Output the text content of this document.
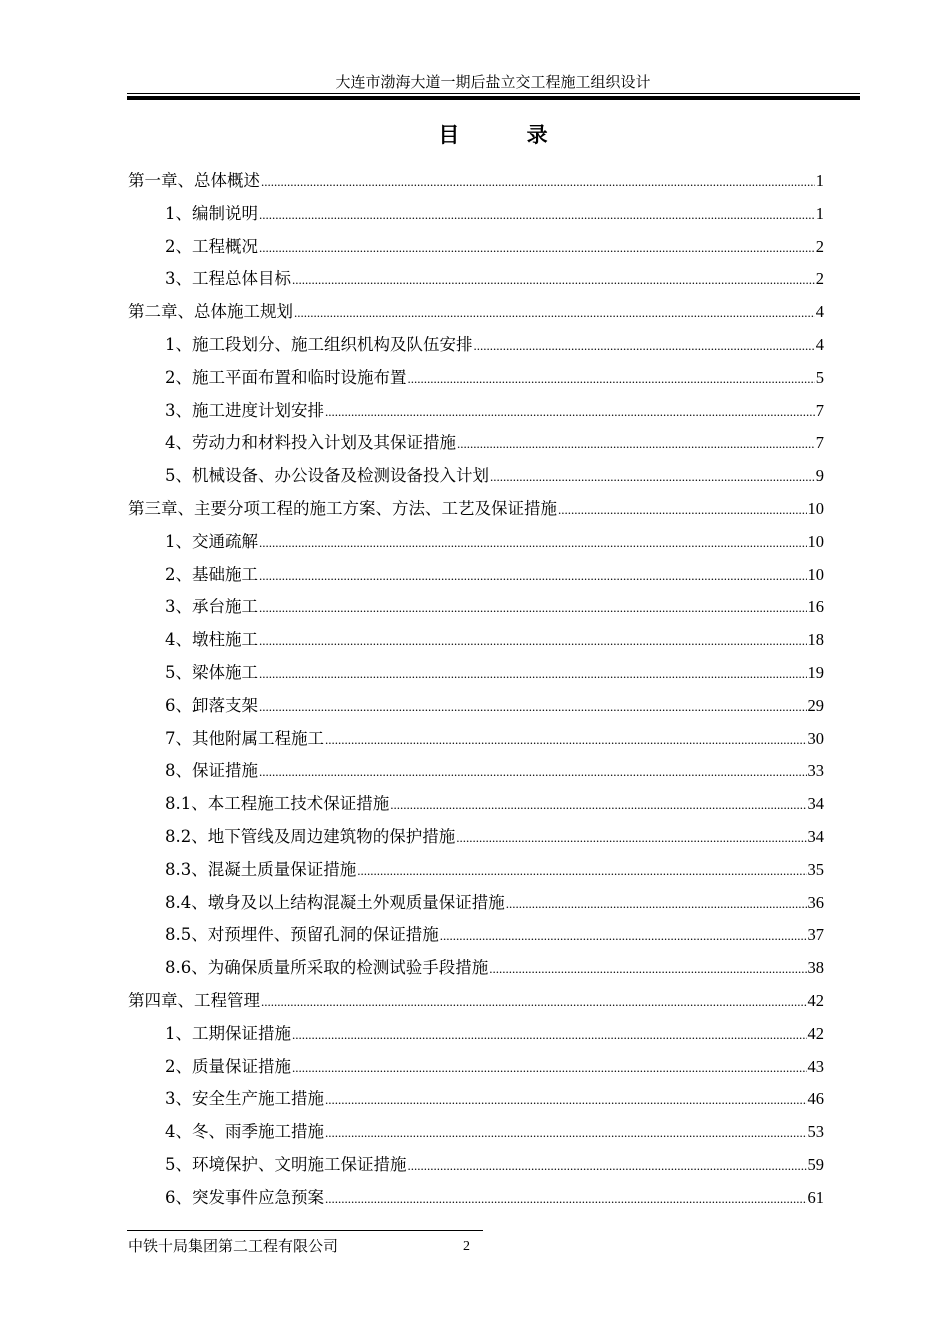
大连市渤海大道一期后盐立交工程施工组织设计
目 录
第一章、总体概述 .....	1
1、编制说明 .....	1
2、工程概况 .....	2
3、工程总体目标 .....	2
第二章、总体施工规划 .....	4
1、施工段划分、施工组织机构及队伍安排 .....	4
2、施工平面布置和临时设施布置 .....	5
3、施工进度计划安排 .....	7
4、劳动力和材料投入计划及其保证措施 .....	7
5、机械设备、办公设备及检测设备投入计划 .....	9
第三章、主要分项工程的施工方案、方法、工艺及保证措施 .....	10
1、交通疏解 .....	10
2、基础施工 .....	10
3、承台施工 .....	16
4、墩柱施工 .....	18
5、梁体施工 .....	19
6、卸落支架 .....	29
7、其他附属工程施工 .....	30
8、保证措施 .....	33
8.1、本工程施工技术保证措施 .....	34
8.2、地下管线及周边建筑物的保护措施 .....	34
8.3、混凝土质量保证措施 .....	35
8.4、墩身及以上结构混凝土外观质量保证措施 .....	36
8.5、对预埋件、预留孔洞的保证措施 .....	37
8.6、为确保质量所采取的检测试验手段措施 .....	38
第四章、工程管理 .....	42
1、工期保证措施 .....	42
2、质量保证措施 .....	43
3、安全生产施工措施 .....	46
4、冬、雨季施工措施 .....	53
5、环境保护、文明施工保证措施 .....	59
6、突发事件应急预案 .....	61
中铁十局集团第二工程有限公司	2
